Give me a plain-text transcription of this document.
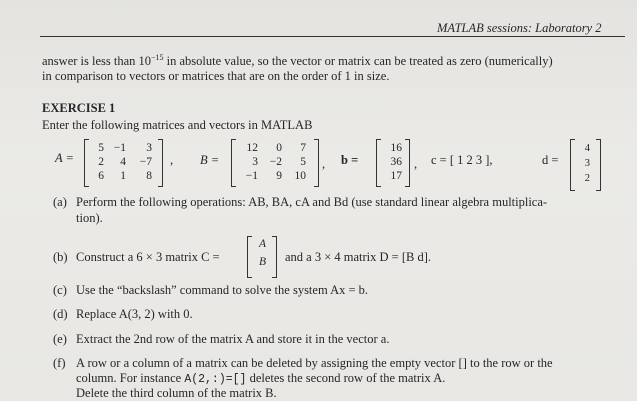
MATLAB sessions: Laboratory 2
answer is less than $10^{-15}$ in absolute value, so the vector or matrix can be treated as zero (numerically)
in comparison to vectors or matrices that are on the order of 1 in size.
EXERCISE 1
Enter the following matrices and vectors in MATLAB
A =
5 −1	3
2	4	−7
6	1	8
, B =
12	0	7
3	−2	5
−1	9	10
, b =
16
36
17
, c = [ 1 2 3 ],	d =
4
3
2
(a) Perform the following operations: AB, BA, cA and Bd (use standard linear algebra multiplica-
tion).
(b) Construct a 6 × 3 matrix C =
A
B and a 3 × 4 matrix D = [B d].
(c) Use the “backslash” command to solve the system Ax = b.
(d) Replace A(3, 2) with 0.
(e) Extract the 2nd row of the matrix A and store it in the vector a.
(f) A row or a column of a matrix can be deleted by assigning the empty vector [] to the row or the
column. For instance A(2,:)=[] deletes the second row of the matrix A.
Delete the third column of the matrix B.
